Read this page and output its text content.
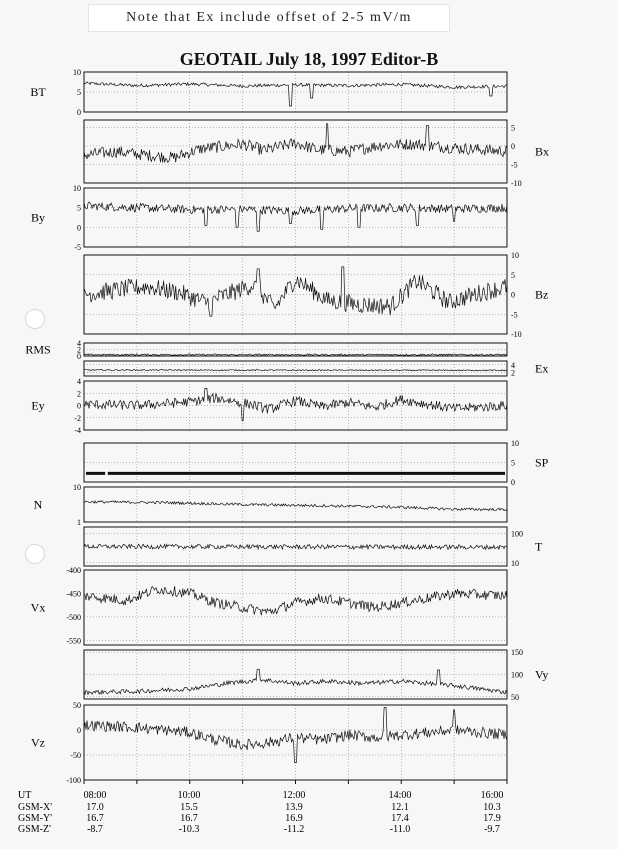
Note that Ex include offset of 2-5 mV/m
GEOTAIL July 18, 1997 Editor-B
10
5
0
BT
5
0
-5
-10
Bx
10
5
0
-5
By
10
5
0
-5
-10
Bz
4
2
0
RMS
4
2 Ex
4
2
0
-2
-4
Ey
10
5
0
SP
10
1
N
100
10
T
-400
-450
-500
-550
Vx
150
100
50
Vy
50
0
-50
-100
Vz
UT	08:00	10:00	12:00	14:00	16:00
GSM-X'	17.0	15.5	13.9	12.1	10.3
GSM-Y'	16.7	16.7	16.9	17.4	17.9
GSM-Z'	-8.7	-10.3	-11.2	-11.0	-9.7
